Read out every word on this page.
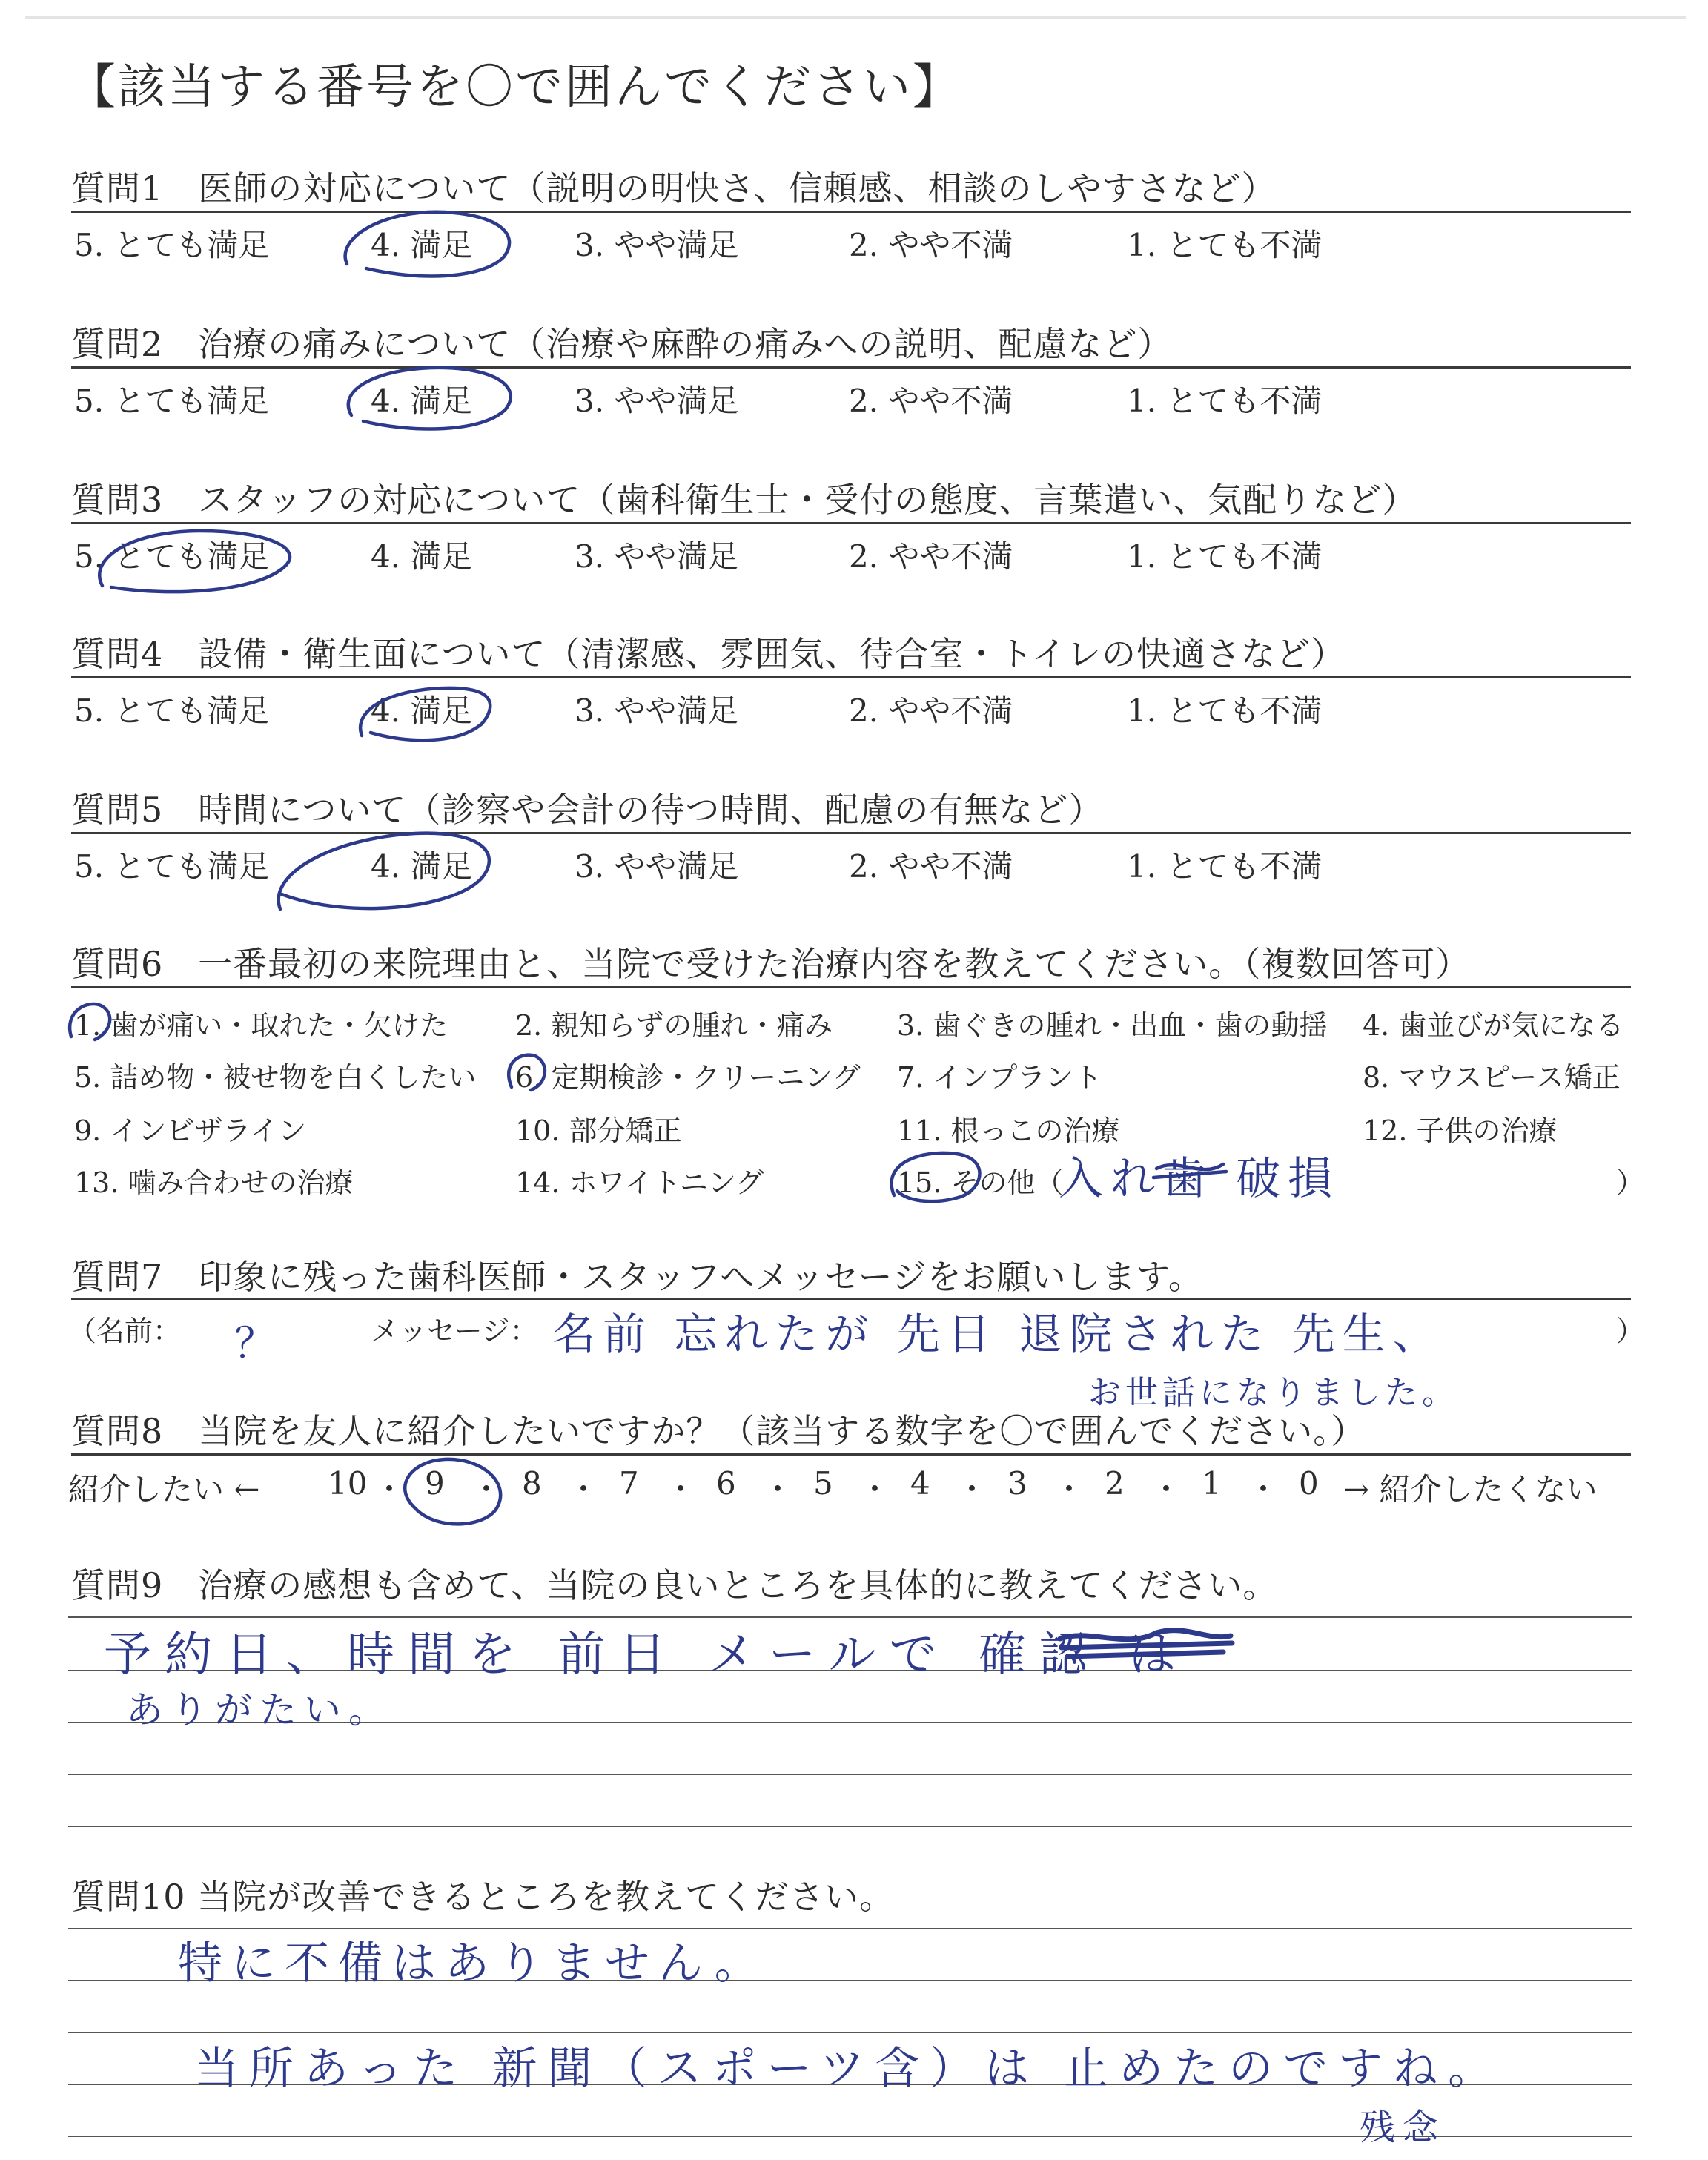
【該当する番号を〇で囲んでください】
質問1　医師の対応について（説明の明快さ、信頼感、相談のしやすさなど）
5. とても満足	4. 満足	3. やや満足	2. やや不満	1. とても不満
質問2　治療の痛みについて（治療や麻酔の痛みへの説明、配慮など）
5. とても満足	4. 満足	3. やや満足	2. やや不満	1. とても不満
質問3　スタッフの対応について（歯科衛生士・受付の態度、言葉遣い、気配りなど）
5. とても満足	4. 満足	3. やや満足	2. やや不満	1. とても不満
質問4　設備・衛生面について（清潔感、雰囲気、待合室・トイレの快適さなど）
5. とても満足	4. 満足	3. やや満足	2. やや不満	1. とても不満
質問5　時間について（診察や会計の待つ時間、配慮の有無など）
5. とても満足	4. 満足	3. やや満足	2. やや不満	1. とても不満
質問6　一番最初の来院理由と、当院で受けた治療内容を教えてください。（複数回答可）
1. 歯が痛い・取れた・欠けた 2. 親知らずの腫れ・痛み 3. 歯ぐきの腫れ・出血・歯の動揺 4. 歯並びが気になる
5. 詰め物・被せ物を白くしたい 6. 定期検診・クリーニング 7. インプラント	8. マウスピース矯正
9. インビザライン	10. 部分矯正	11. 根っこの治療	12. 子供の治療
13. 噛み合わせの治療	14. ホワイトニング	15. その他（	）
入れ歯 破損
質問7　印象に残った歯科医師・スタッフへメッセージをお願いします。
（名前： ？	メッセージ： 名前 忘れたが 先日 退院された 先生、
お世話になりました。
）
質問8　当院を友人に紹介したいですか？（該当する数字を〇で囲んでください。）
紹介したい ← 10 ・ 9 ・ 8 ・ 7 ・ 6 ・ 5 ・ 4 ・ 3 ・ 2 ・ 1 ・ 0 → 紹介したくない
質問9　治療の感想も含めて、当院の良いところを具体的に教えてください。
予約日、時間を 前日 メールで 確認 は
ありがたい。
質問10 当院が改善できるところを教えてください。
特に不備はありません。
当所あった 新聞（スポーツ含）は 止めたのですね。
残念
